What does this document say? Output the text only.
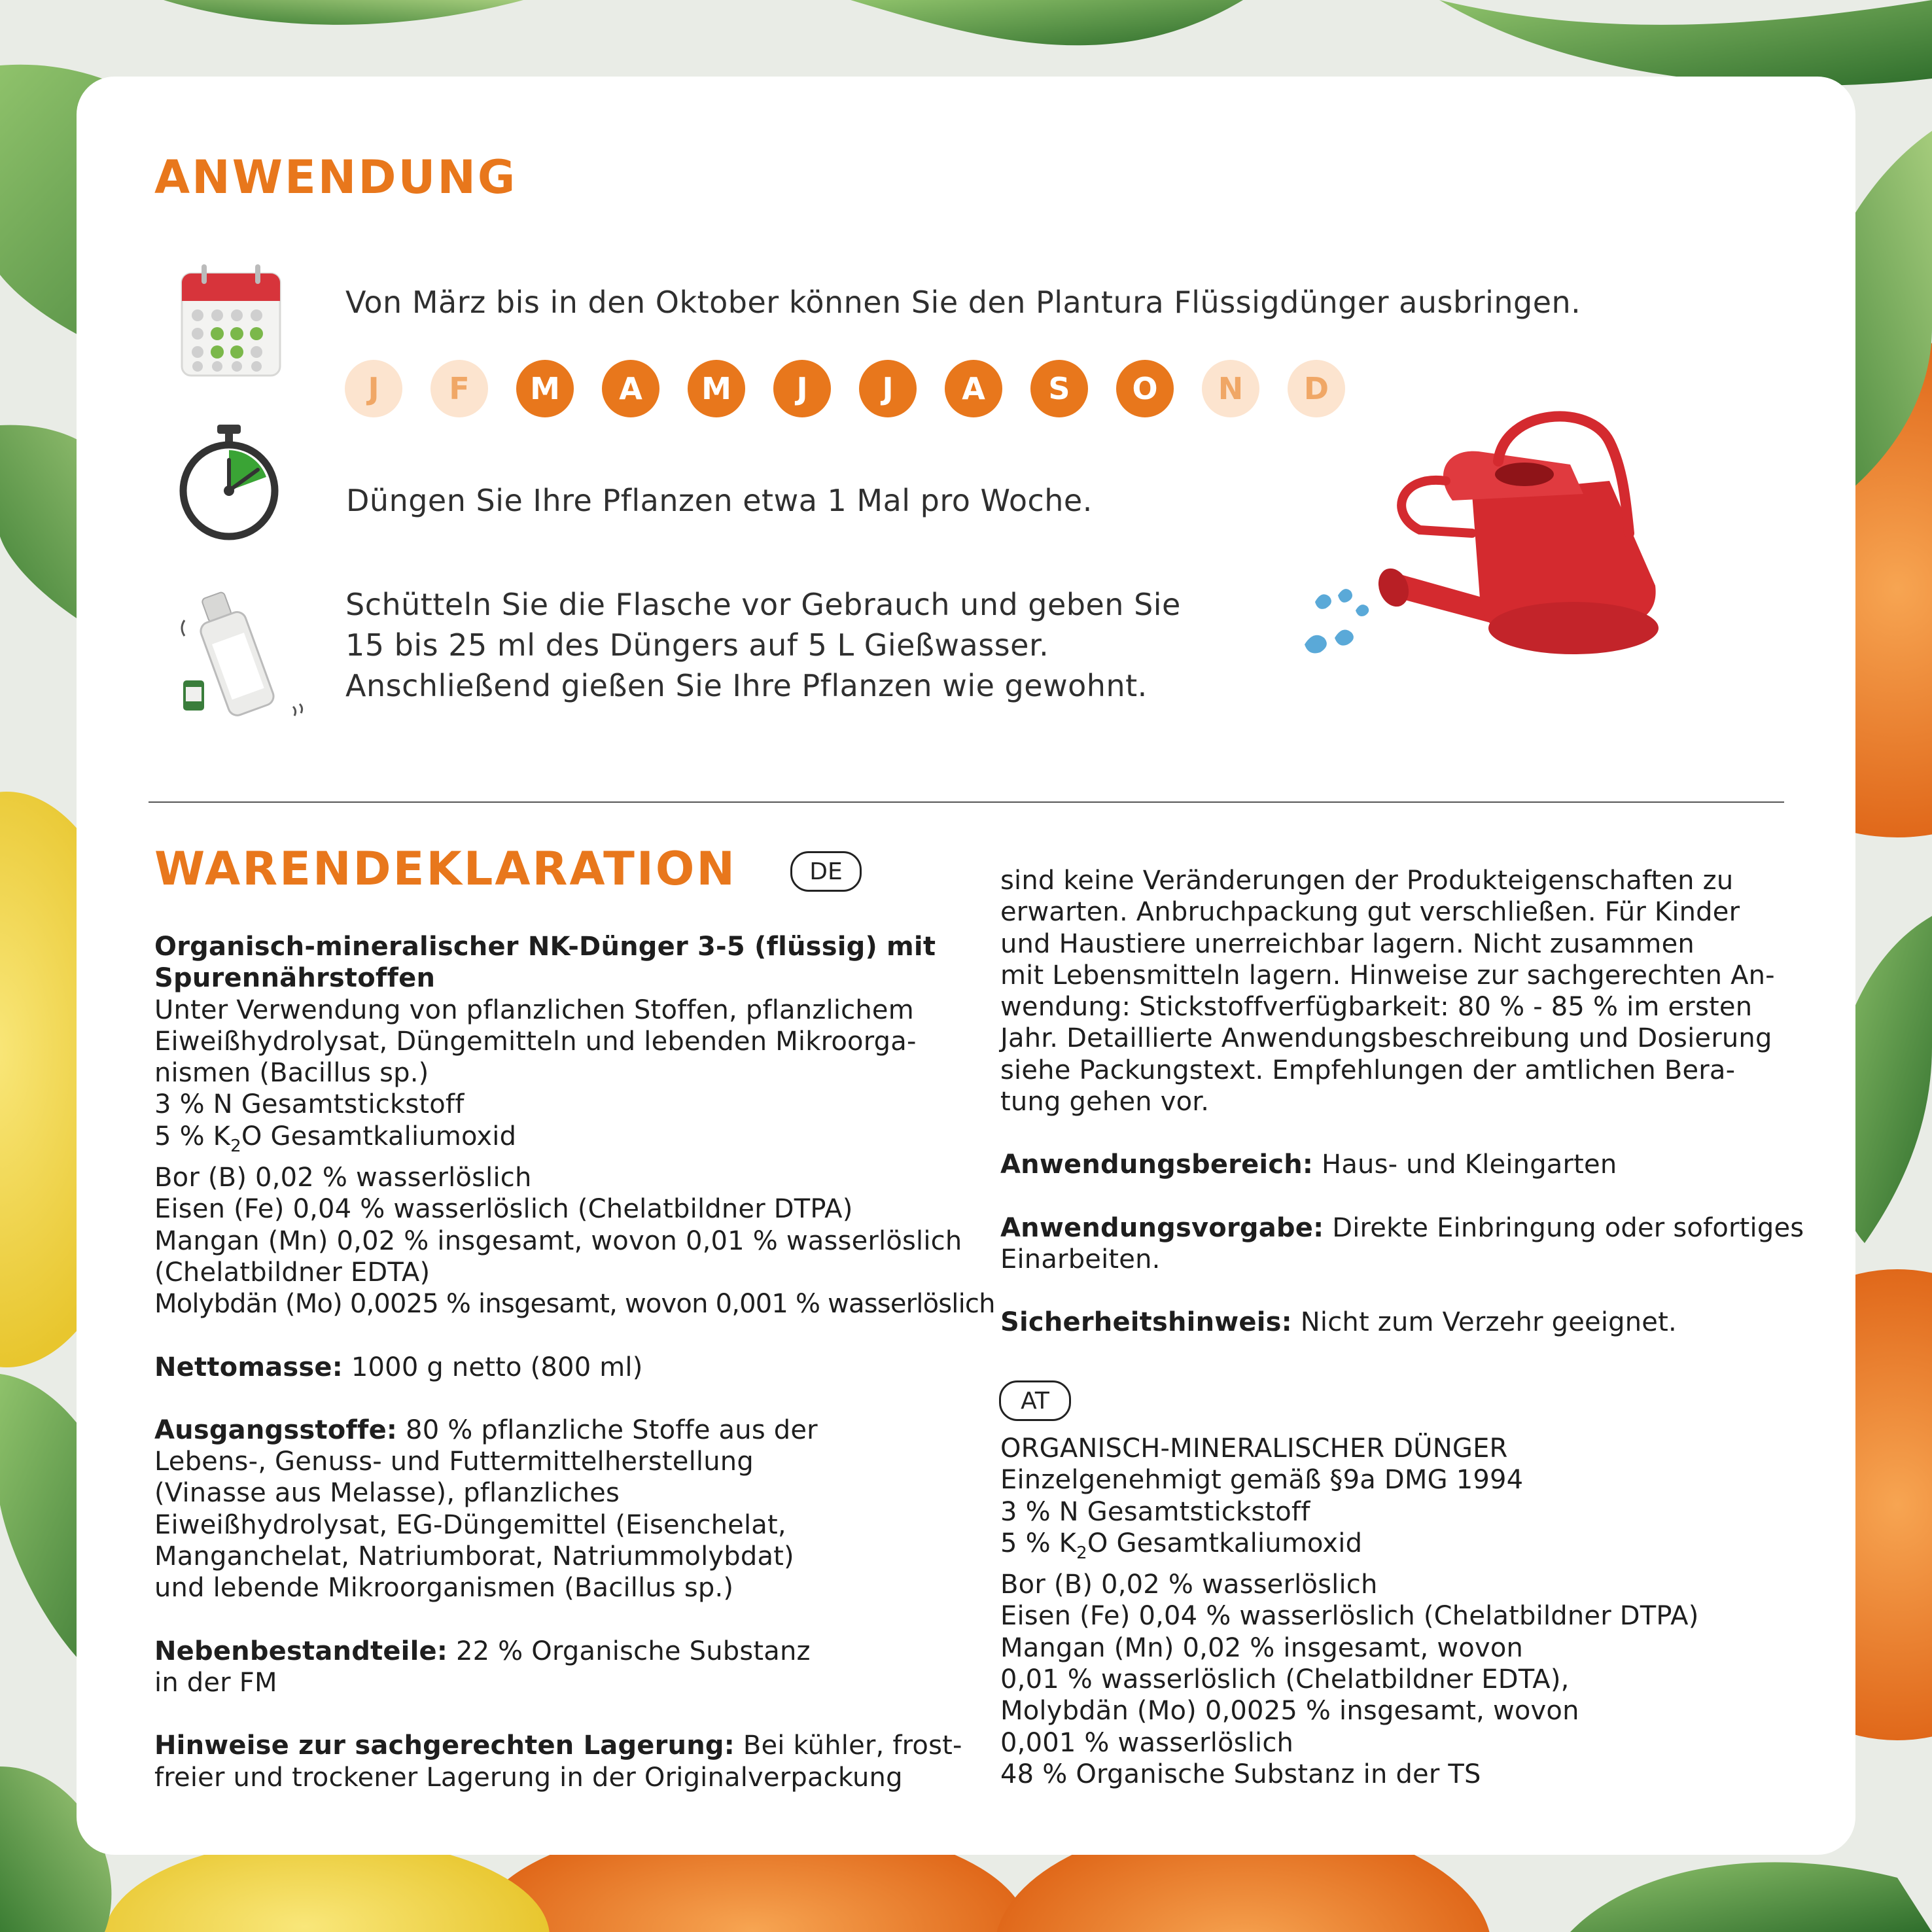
ANWENDUNG
Von März bis in den Oktober können Sie den Plantura Flüssigdünger ausbringen.
J	F	M	A	M	J	J	A	S	O	N	D
Düngen Sie Ihre Pflanzen etwa 1 Mal pro Woche.
Schütteln Sie die Flasche vor Gebrauch und geben Sie
15 bis 25 ml des Düngers auf 5 L Gießwasser.
Anschließend gießen Sie Ihre Pflanzen wie gewohnt.
WARENDEKLARATION	DE

Organisch-mineralischer NK-Dünger 3-5 (flüssig) mit

Spurennährstoffen

Unter Verwendung von pflanzlichen Stoffen, pflanzlichem

Eiweißhydrolysat, Düngemitteln und lebenden Mikroorga-

nismen (Bacillus sp.)

3 % N Gesamtstickstoff

5 % $K_2O$ Gesamtkaliumoxid

Bor (B) 0,02 % wasserlöslich

Eisen (Fe) 0,04 % wasserlöslich (Chelatbildner DTPA)

Mangan (Mn) 0,02 % insgesamt, wovon 0,01 % wasserlöslich

(Chelatbildner EDTA)

Molybdän (Mo) 0,0025 % insgesamt, wovon 0,001 % wasserlöslich

Nettomasse: 1000 g netto (800 ml)

Ausgangsstoffe: 80 % pflanzliche Stoffe aus der

Lebens-, Genuss- und Futtermittelherstellung

(Vinasse aus Melasse), pflanzliches

Eiweißhydrolysat, EG-Düngemittel (Eisenchelat,

Manganchelat, Natriumborat, Natriummolybdat)

und lebende Mikroorganismen (Bacillus sp.)

Nebenbestandteile: 22 % Organische Substanz

in der FM

Hinweise zur sachgerechten Lagerung: Bei kühler, frost-

freier und trockener Lagerung in der Originalverpackung

sind keine Veränderungen der Produkteigenschaften zu

erwarten. Anbruchpackung gut verschließen. Für Kinder

und Haustiere unerreichbar lagern. Nicht zusammen

mit Lebensmitteln lagern. Hinweise zur sachgerechten An-

wendung: Stickstoffverfügbarkeit: 80 % - 85 % im ersten

Jahr. Detaillierte Anwendungsbeschreibung und Dosierung

siehe Packungstext. Empfehlungen der amtlichen Bera-

tung gehen vor.

Anwendungsbereich: Haus- und Kleingarten

Anwendungsvorgabe: Direkte Einbringung oder sofortiges

Einarbeiten.

Sicherheitshinweis: Nicht zum Verzehr geeignet.

AT

ORGANISCH-MINERALISCHER DÜNGER

Einzelgenehmigt gemäß §9a DMG 1994

3 % N Gesamtstickstoff

5 % $K_2O$ Gesamtkaliumoxid

Bor (B) 0,02 % wasserlöslich

Eisen (Fe) 0,04 % wasserlöslich (Chelatbildner DTPA)

Mangan (Mn) 0,02 % insgesamt, wovon

0,01 % wasserlöslich (Chelatbildner EDTA),

Molybdän (Mo) 0,0025 % insgesamt, wovon

0,001 % wasserlöslich

48 % Organische Substanz in der TS
